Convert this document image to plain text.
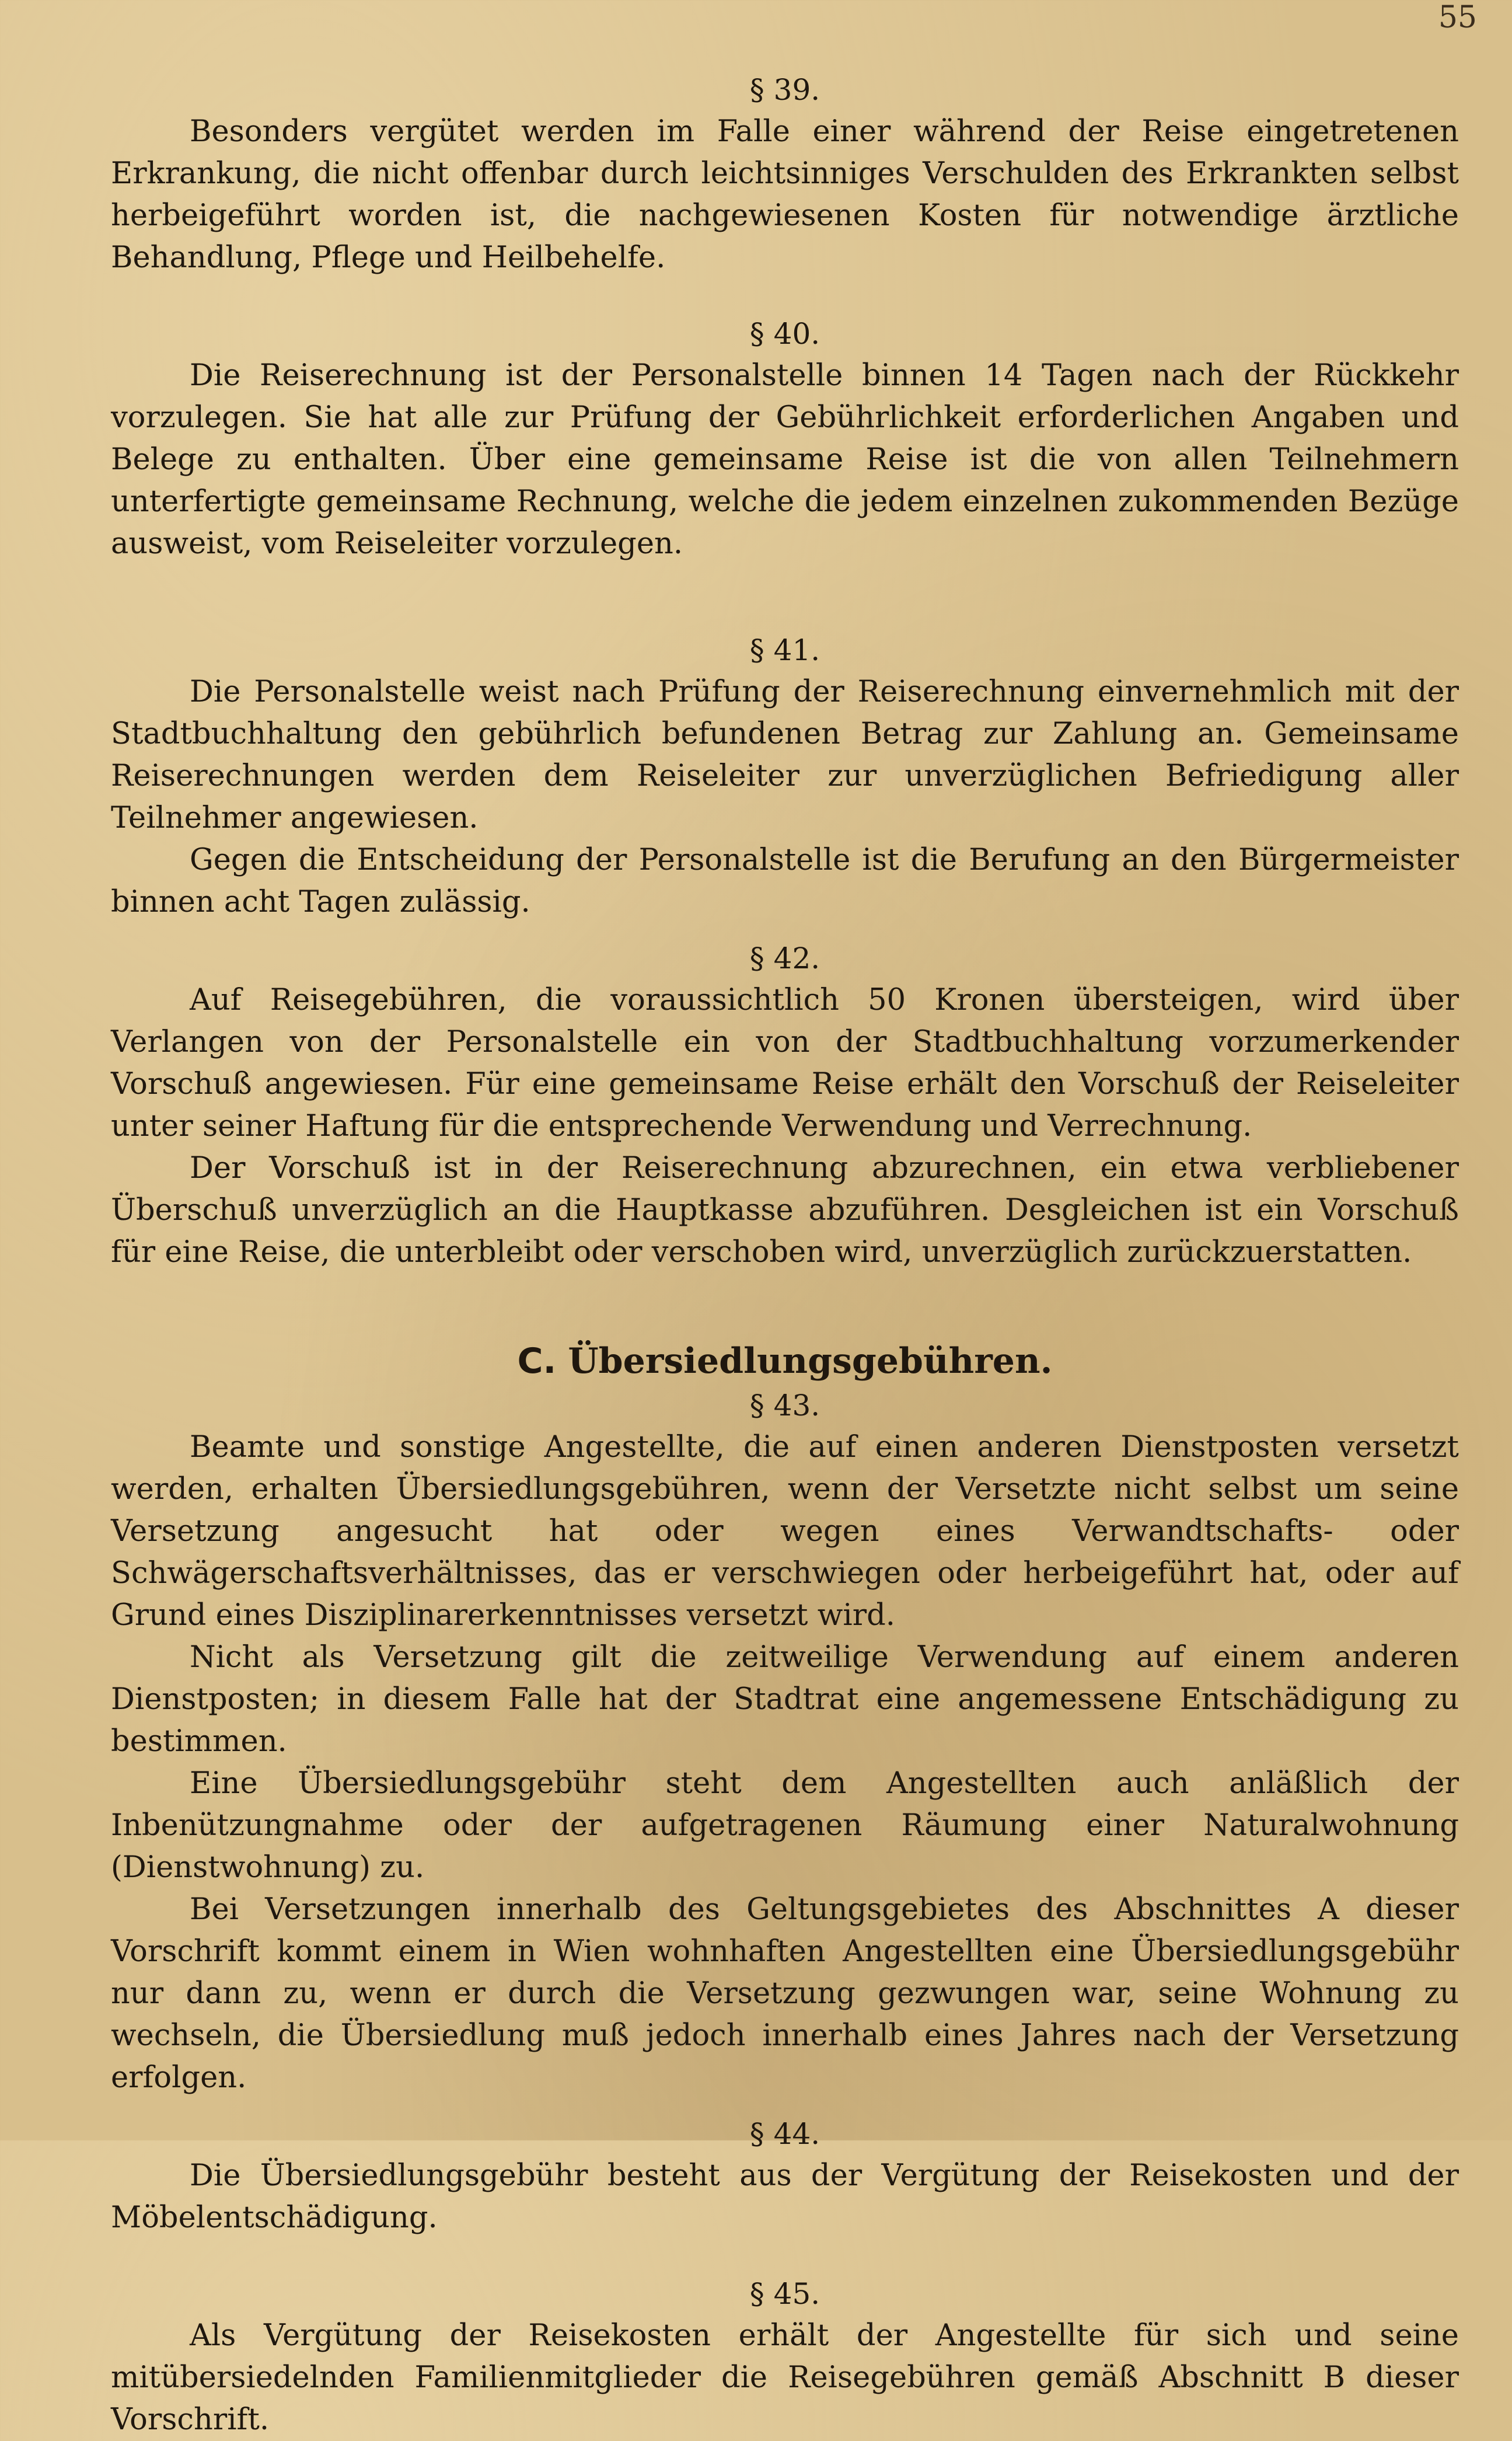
55
§ 39.

Besonders vergütet werden im Falle einer während der Reise eingetretenen Erkrankung, die nicht offenbar durch leichtsinniges Verschulden des Erkrankten selbst herbeigeführt worden ist, die nachgewiesenen Kosten für notwendige ärztliche Behandlung, Pflege und Heilbehelfe.

§ 40.

Die Reiserechnung ist der Personalstelle binnen 14 Tagen nach der Rückkehr vorzulegen. Sie hat alle zur Prüfung der Gebührlichkeit erforderlichen Angaben und Belege zu enthalten. Über eine gemeinsame Reise ist die von allen Teilnehmern unterfertigte gemeinsame Rechnung, welche die jedem einzelnen zukommenden Bezüge ausweist, vom Reiseleiter vorzulegen.

§ 41.

Die Personalstelle weist nach Prüfung der Reiserechnung einvernehmlich mit der Stadtbuchhaltung den gebührlich befundenen Betrag zur Zahlung an. Gemeinsame Reiserechnungen werden dem Reiseleiter zur unverzüglichen Befriedigung aller Teilnehmer angewiesen.

Gegen die Entscheidung der Personalstelle ist die Berufung an den Bürgermeister binnen acht Tagen zulässig.

§ 42.

Auf Reisegebühren, die voraussichtlich 50 Kronen übersteigen, wird über Verlangen von der Personalstelle ein von der Stadtbuchhaltung vorzumerkender Vorschuß angewiesen. Für eine gemeinsame Reise erhält den Vorschuß der Reiseleiter unter seiner Haftung für die entsprechende Verwendung und Verrechnung.

Der Vorschuß ist in der Reiserechnung abzurechnen, ein etwa verbliebener Überschuß unverzüglich an die Hauptkasse abzuführen. Desgleichen ist ein Vorschuß für eine Reise, die unterbleibt oder verschoben wird, unverzüglich zurückzuerstatten.

C. Übersiedlungsgebühren.
§ 43.

Beamte und sonstige Angestellte, die auf einen anderen Dienstposten versetzt werden, erhalten Übersiedlungsgebühren, wenn der Versetzte nicht selbst um seine Versetzung angesucht hat oder wegen eines Verwandtschafts- oder Schwägerschaftsverhältnisses, das er verschwiegen oder herbeigeführt hat, oder auf Grund eines Disziplinarerkenntnisses versetzt wird.

Nicht als Versetzung gilt die zeitweilige Verwendung auf einem anderen Dienstposten; in diesem Falle hat der Stadtrat eine angemessene Entschädigung zu bestimmen.

Eine Übersiedlungsgebühr steht dem Angestellten auch anläßlich der Inbenützungnahme oder der aufgetragenen Räumung einer Naturalwohnung (Dienstwohnung) zu.

Bei Versetzungen innerhalb des Geltungsgebietes des Abschnittes A dieser Vorschrift kommt einem in Wien wohnhaften Angestellten eine Übersiedlungsgebühr nur dann zu, wenn er durch die Versetzung gezwungen war, seine Wohnung zu wechseln, die Übersiedlung muß jedoch innerhalb eines Jahres nach der Versetzung erfolgen.

§ 44.

Die Übersiedlungsgebühr besteht aus der Vergütung der Reisekosten und der Möbelentschädigung.

§ 45.

Als Vergütung der Reisekosten erhält der Angestellte für sich und seine mitübersiedelnden Familienmitglieder die Reisegebühren gemäß Abschnitt B dieser Vorschrift.
